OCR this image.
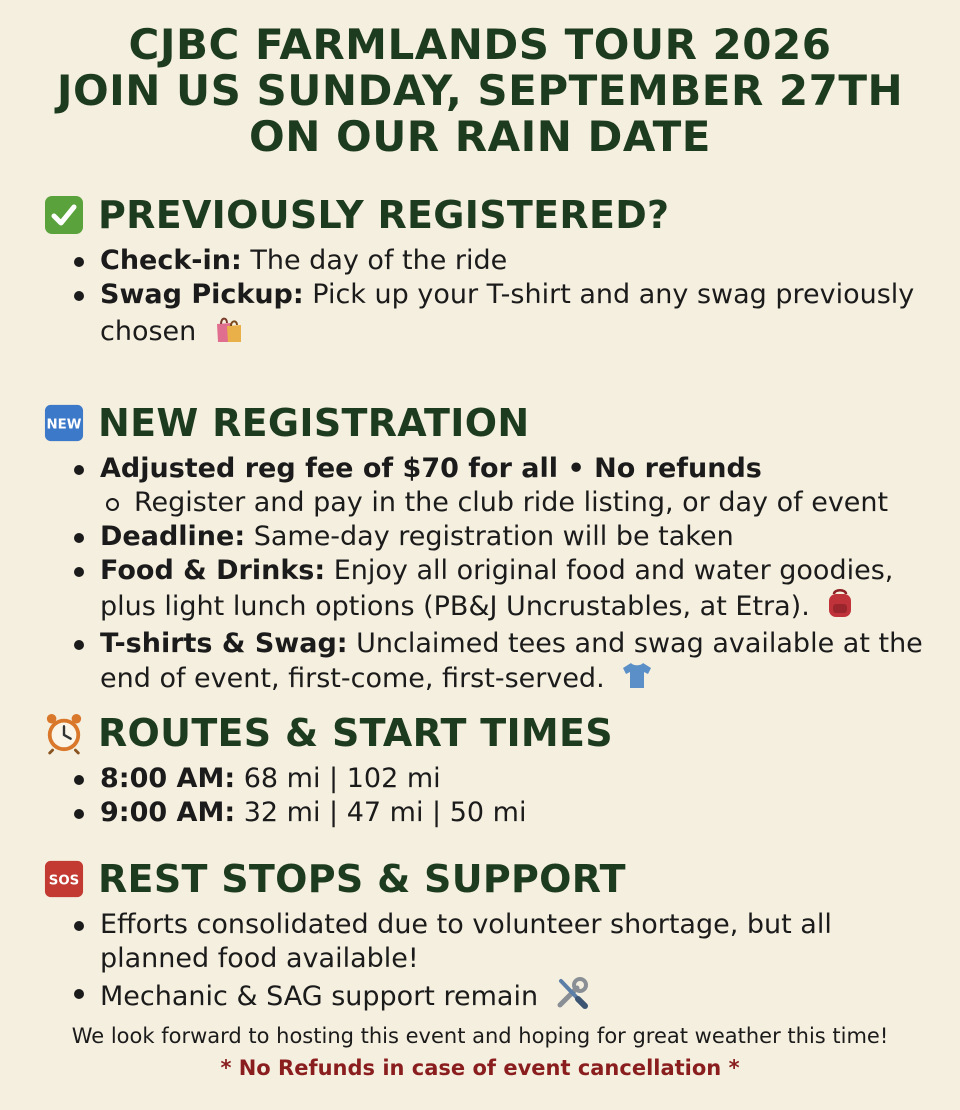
CJBC FARMLANDS TOUR 2026
JOIN US SUNDAY, SEPTEMBER 27TH
ON OUR RAIN DATE
PREVIOUSLY REGISTERED?
Check-in: The day of the ride
Swag Pickup: Pick up your T-shirt and any swag previously chosen
NEW NEW REGISTRATION
Adjusted reg fee of $70 for all • No refunds
Register and pay in the club ride listing, or day of event
Deadline: Same-day registration will be taken
Food & Drinks: Enjoy all original food and water goodies, plus light lunch options (PB&J Uncrustables, at Etra).
T-shirts & Swag: Unclaimed tees and swag available at the end of event, first-come, first-served.
ROUTES & START TIMES
8:00 AM: 68 mi | 102 mi
9:00 AM: 32 mi | 47 mi | 50 mi
SOS REST STOPS & SUPPORT
Efforts consolidated due to volunteer shortage, but all planned food available!
Mechanic & SAG support remain
We look forward to hosting this event and hoping for great weather this time!
* No Refunds in case of event cancellation *
